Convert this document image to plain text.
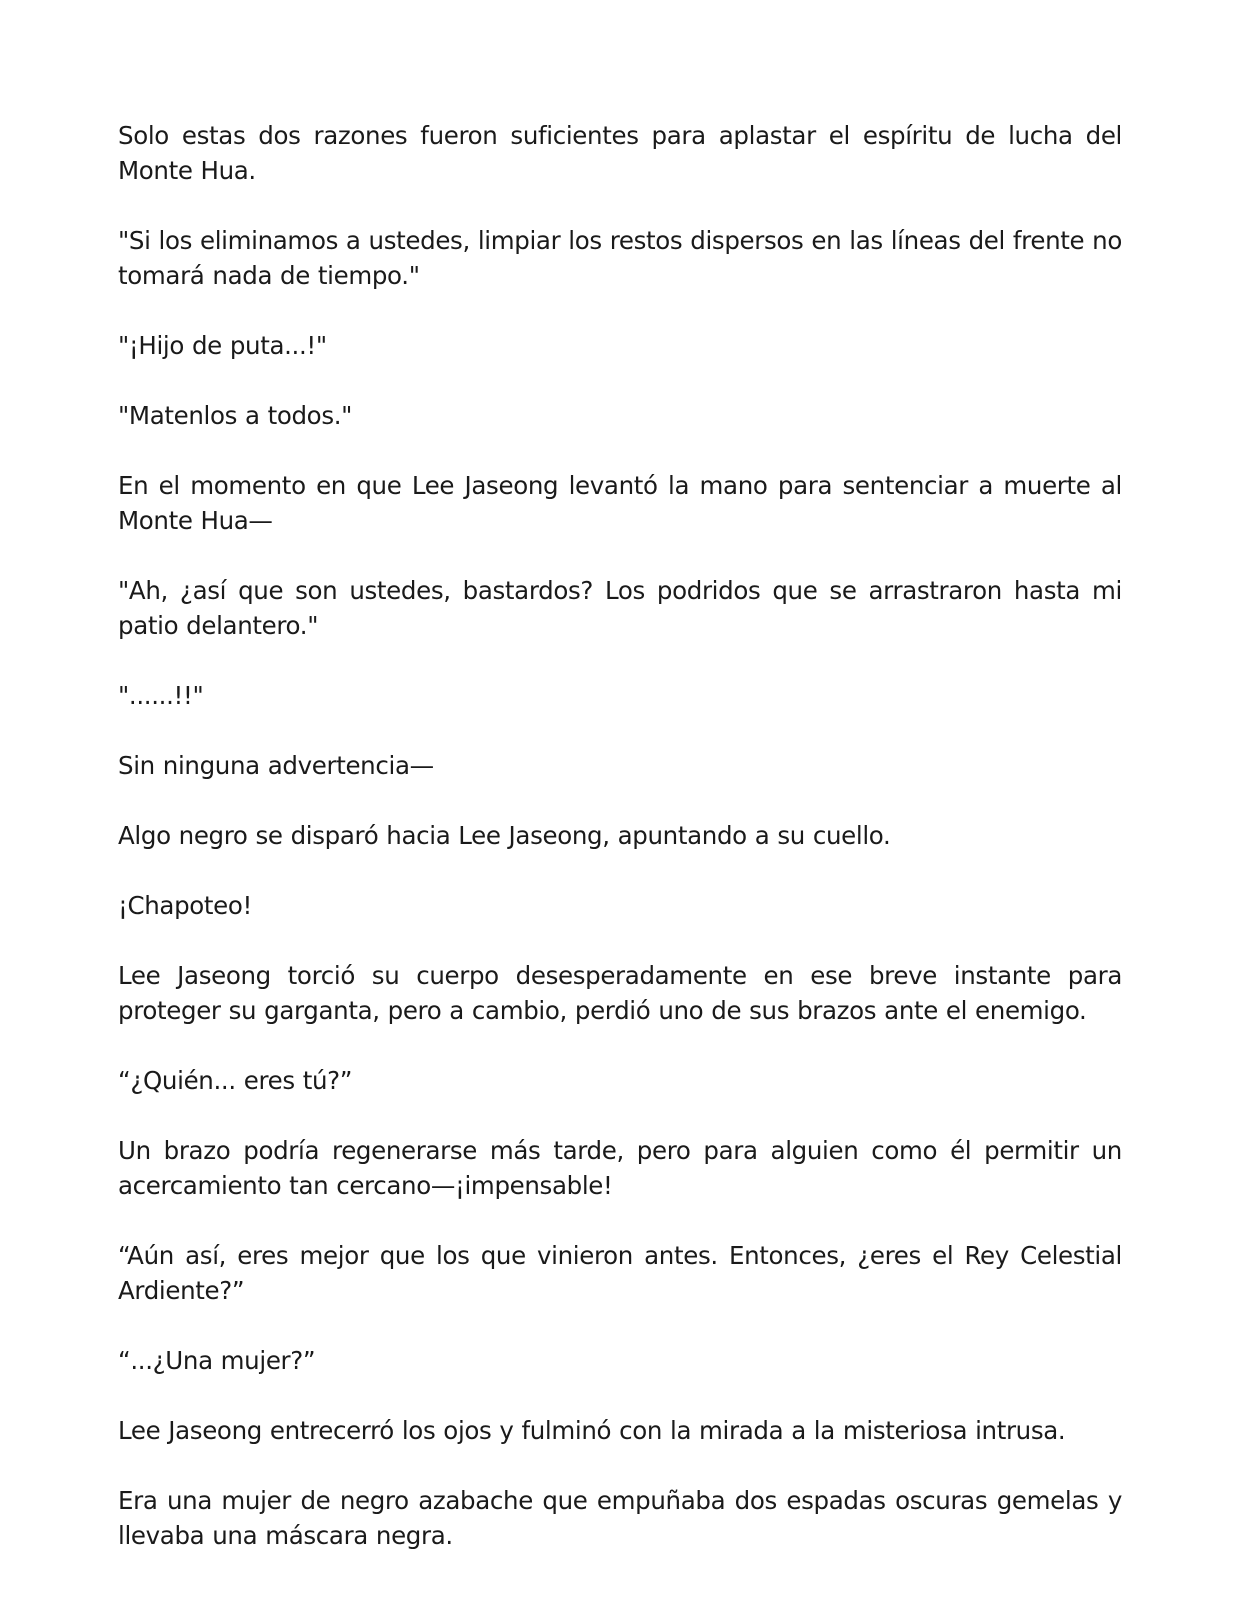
Solo estas dos razones fueron suficientes para aplastar el espíritu de lucha del Monte Hua.

"Si los eliminamos a ustedes, limpiar los restos dispersos en las líneas del frente no tomará nada de tiempo."

"¡Hijo de puta...!"

"Matenlos a todos."

En el momento en que Lee Jaseong levantó la mano para sentenciar a muerte al Monte Hua—

"Ah, ¿así que son ustedes, bastardos? Los podridos que se arrastraron hasta mi patio delantero."

"......!!"

Sin ninguna advertencia—

Algo negro se disparó hacia Lee Jaseong, apuntando a su cuello.

¡Chapoteo!

Lee Jaseong torció su cuerpo desesperadamente en ese breve instante para proteger su garganta, pero a cambio, perdió uno de sus brazos ante el enemigo.

“¿Quién... eres tú?”

Un brazo podría regenerarse más tarde, pero para alguien como él permitir un acercamiento tan cercano—¡impensable!

“Aún así, eres mejor que los que vinieron antes. Entonces, ¿eres el Rey Celestial Ardiente?”

“...¿Una mujer?”

Lee Jaseong entrecerró los ojos y fulminó con la mirada a la misteriosa intrusa.

Era una mujer de negro azabache que empuñaba dos espadas oscuras gemelas y llevaba una máscara negra.
